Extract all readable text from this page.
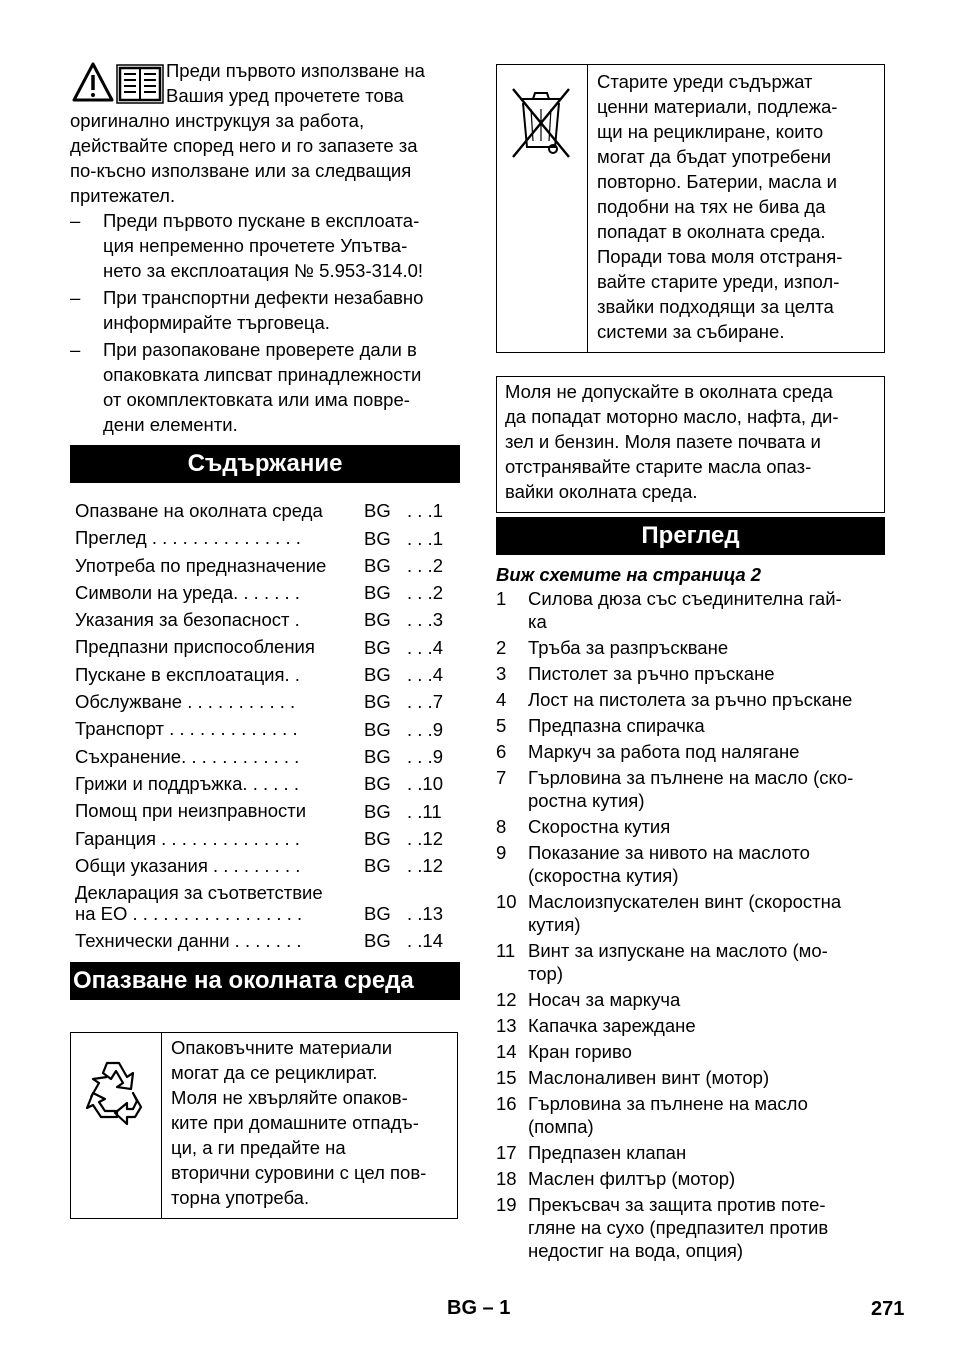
Преди първото използване на
Вашия уред прочетете това
оригинално инструкцуя за работа,
действайте според него и го запазете за
по-късно използване или за следващия
притежател.
– Преди първото пускане в експлоата-
ция непременно прочетете Упътва-
нето за експлоатация № 5.953-314.0!
– При транспортни дефекти незабавно
информирайте търговеца.
– При разопаковане проверете дали в
опаковката липсват принадлежности
от окомплектовката или има повре-
дени елементи.
Съдържание
Опазване на околната среда BG . . .1
Преглед . . . . . . . . . . . . . . .	BG . . .1
Употреба по предназначение BG . . .2
Символи на уреда. . . . . . .	BG . . .2
Указания за безопасност .	BG . . .3
Предпазни приспособления	BG . . .4
Пускане в експлоатация. .	BG . . .4
Обслужване . . . . . . . . . . .	BG . . .7
Транспорт . . . . . . . . . . . . .	BG . . .9
Съхранение. . . . . . . . . . . .	BG . . .9
Грижи и поддръжка. . . . . .	BG . .10
Помощ при неизправности	BG . .11
Гаранция . . . . . . . . . . . . . .	BG . .12
Общи указания . . . . . . . . .	BG . .12
Декларация за съответствие
на ЕО . . . . . . . . . . . . . . . . .	BG . .13
Технически данни . . . . . . .	BG . .14
Опазване на околната среда
Опаковъчните материали
могат да се рециклират.
Моля не хвърляйте опаков-
ките при домашните отпадъ-
ци, а ги предайте на
вторични суровини с цел пов-
торна употреба.
Старите уреди съдържат
ценни материали, подлежа-
щи на рециклиране, които
могат да бъдат употребени
повторно. Батерии, масла и
подобни на тях не бива да
попадат в околната среда.
Поради това моля отстраня-
вайте старите уреди, изпол-
звайки подходящи за целта
системи за събиране.
Моля не допускайте в околната среда
да попадат моторно масло, нафта, ди-
зел и бензин. Моля пазете почвата и
отстранявайте старите масла опаз-
вайки околната среда.
Преглед
Виж схемите на страница 2
1 Силова дюза със съединителна гай-
ка
2 Тръба за разпръскване
3 Пистолет за ръчно пръскане
4 Лост на пистолета за ръчно пръскане
5 Предпазна спирачка
6 Маркуч за работа под налягане
7 Гърловина за пълнене на масло (ско-
ростна кутия)
8 Скоростна кутия
9 Показание за нивото на маслото
(скоростна кутия)
10 Маслоизпускателен винт (скоростна
кутия)
11 Винт за изпускане на маслото (мо-
тор)
12 Носач за маркуча
13 Капачка зареждане
14 Кран гориво
15 Маслоналивен винт (мотор)
16 Гърловина за пълнене на масло
(помпа)
17 Предпазен клапан
18 Маслен филтър (мотор)
19 Прекъсвач за защита против поте-
гляне на сухо (предпазител против
недостиг на вода, опция)
BG – 1	271
